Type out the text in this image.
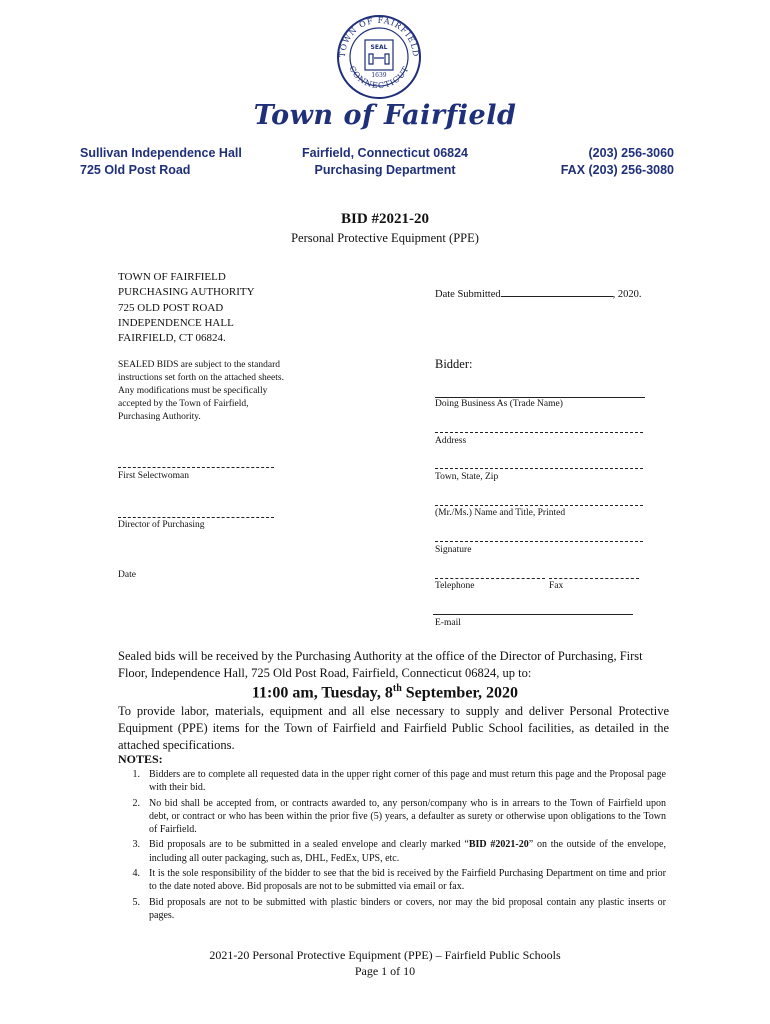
TOWN OF FAIRFIELD
CONNECTICUT
SEAL
1639
Town of Fairfield
Sullivan Independence Hall
725 Old Post Road
Fairfield, Connecticut 06824
Purchasing Department
(203) 256-3060
FAX (203) 256-3080
BID #2021-20
Personal Protective Equipment (PPE)
TOWN OF FAIRFIELD
PURCHASING AUTHORITY
725 OLD POST ROAD
INDEPENDENCE HALL
FAIRFIELD, CT 06824.
Date Submitted	, 2020.
SEALED BIDS are subject to the standard
instructions set forth on the attached sheets.
Any modifications must be specifically
accepted by the Town of Fairfield,
Purchasing Authority.
Bidder:
Doing Business As (Trade Name)
Address
Town, State, Zip
(Mr./Ms.) Name and Title, Printed
Signature
Telephone	Fax
E-mail
First Selectwoman
Director of Purchasing
Date
Sealed bids will be received by the Purchasing Authority at the office of the Director of Purchasing, First
Floor, Independence Hall, 725 Old Post Road, Fairfield, Connecticut 06824, up to:
11:00 am, Tuesday, 8th September, 2020
To provide labor, materials, equipment and all else necessary to supply and deliver Personal Protective Equipment (PPE) items for the Town of Fairfield and Fairfield Public School facilities, as detailed in the attached specifications.
NOTES:
1. Bidders are to complete all requested data in the upper right corner of this page and must return this page and the Proposal page with their bid.
2. No bid shall be accepted from, or contracts awarded to, any person/company who is in arrears to the Town of Fairfield upon debt, or contract or who has been within the prior five (5) years, a defaulter as surety or otherwise upon obligations to the Town of Fairfield.
3. Bid proposals are to be submitted in a sealed envelope and clearly marked “BID #2021-20” on the outside of the envelope, including all outer packaging, such as, DHL, FedEx, UPS, etc.
4. It is the sole responsibility of the bidder to see that the bid is received by the Fairfield Purchasing Department on time and prior to the date noted above. Bid proposals are not to be submitted via email or fax.
5. Bid proposals are not to be submitted with plastic binders or covers, nor may the bid proposal contain any plastic inserts or pages.
2021-20 Personal Protective Equipment (PPE) – Fairfield Public Schools
Page 1 of 10
